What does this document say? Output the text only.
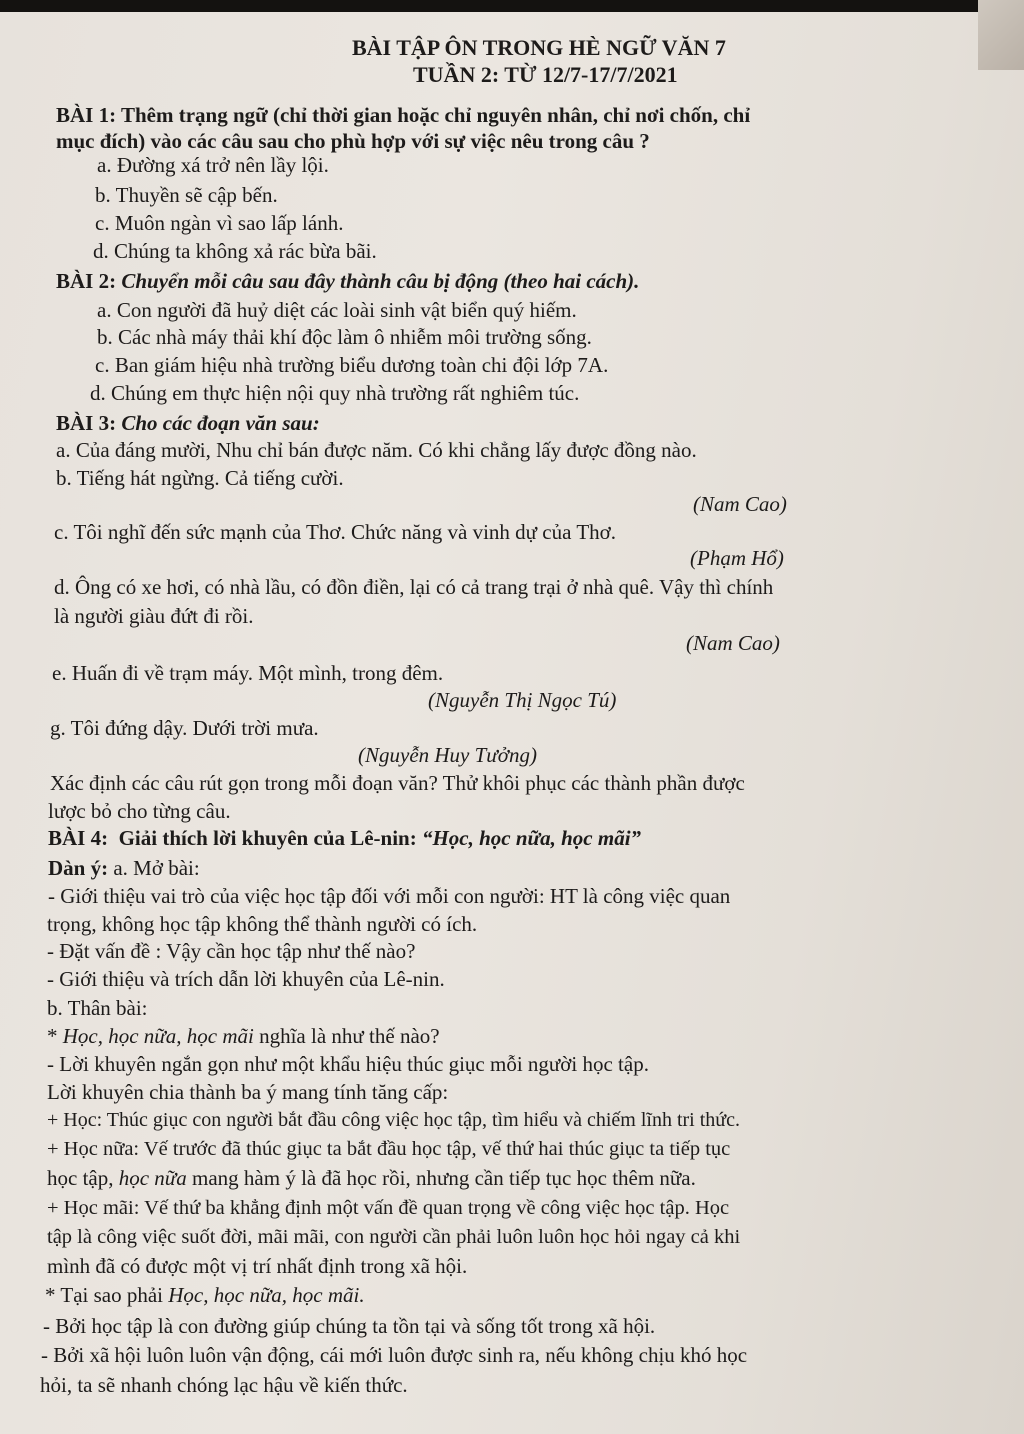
BÀI TẬP ÔN TRONG HÈ NGỮ VĂN 7
TUẦN 2: TỪ 12/7-17/7/2021
BÀI 1: Thêm trạng ngữ (chỉ thời gian hoặc chỉ nguyên nhân, chỉ nơi chốn, chỉ
mục đích) vào các câu sau cho phù hợp với sự việc nêu trong câu ?
a. Đường xá trở nên lầy lội.
b. Thuyền sẽ cập bến.
c. Muôn ngàn vì sao lấp lánh.
d. Chúng ta không xả rác bừa bãi.
BÀI 2: Chuyển mỗi câu sau đây thành câu bị động (theo hai cách).
a. Con người đã huỷ diệt các loài sinh vật biển quý hiếm.
b. Các nhà máy thải khí độc làm ô nhiễm môi trường sống.
c. Ban giám hiệu nhà trường biểu dương toàn chi đội lớp 7A.
d. Chúng em thực hiện nội quy nhà trường rất nghiêm túc.
BÀI 3: Cho các đoạn văn sau:
a. Của đáng mười, Nhu chỉ bán được năm. Có khi chẳng lấy được đồng nào.
b. Tiếng hát ngừng. Cả tiếng cười.
(Nam Cao)
c. Tôi nghĩ đến sức mạnh của Thơ. Chức năng và vinh dự của Thơ.
(Phạm Hổ)
d. Ông có xe hơi, có nhà lầu, có đồn điền, lại có cả trang trại ở nhà quê. Vậy thì chính
là người giàu đứt đi rồi.
(Nam Cao)
e. Huấn đi về trạm máy. Một mình, trong đêm.
(Nguyễn Thị Ngọc Tú)
g. Tôi đứng dậy. Dưới trời mưa.
(Nguyễn Huy Tưởng)
Xác định các câu rút gọn trong mỗi đoạn văn? Thử khôi phục các thành phần được
lược bỏ cho từng câu.
BÀI 4: Giải thích lời khuyên của Lê-nin: “Học, học nữa, học mãi”
Dàn ý: a. Mở bài:
- Giới thiệu vai trò của việc học tập đối với mỗi con người: HT là công việc quan
trọng, không học tập không thể thành người có ích.
- Đặt vấn đề : Vậy cần học tập như thế nào?
- Giới thiệu và trích dẫn lời khuyên của Lê-nin.
b. Thân bài:
* Học, học nữa, học mãi nghĩa là như thế nào?
- Lời khuyên ngắn gọn như một khẩu hiệu thúc giục mỗi người học tập.
Lời khuyên chia thành ba ý mang tính tăng cấp:
+ Học: Thúc giục con người bắt đầu công việc học tập, tìm hiểu và chiếm lĩnh tri thức.
+ Học nữa: Vế trước đã thúc giục ta bắt đầu học tập, vế thứ hai thúc giục ta tiếp tục
học tập, học nữa mang hàm ý là đã học rồi, nhưng cần tiếp tục học thêm nữa.
+ Học mãi: Vế thứ ba khẳng định một vấn đề quan trọng về công việc học tập. Học
tập là công việc suốt đời, mãi mãi, con người cần phải luôn luôn học hỏi ngay cả khi
mình đã có được một vị trí nhất định trong xã hội.
* Tại sao phải Học, học nữa, học mãi.
- Bởi học tập là con đường giúp chúng ta tồn tại và sống tốt trong xã hội.
- Bởi xã hội luôn luôn vận động, cái mới luôn được sinh ra, nếu không chịu khó học
hỏi, ta sẽ nhanh chóng lạc hậu về kiến thức.
